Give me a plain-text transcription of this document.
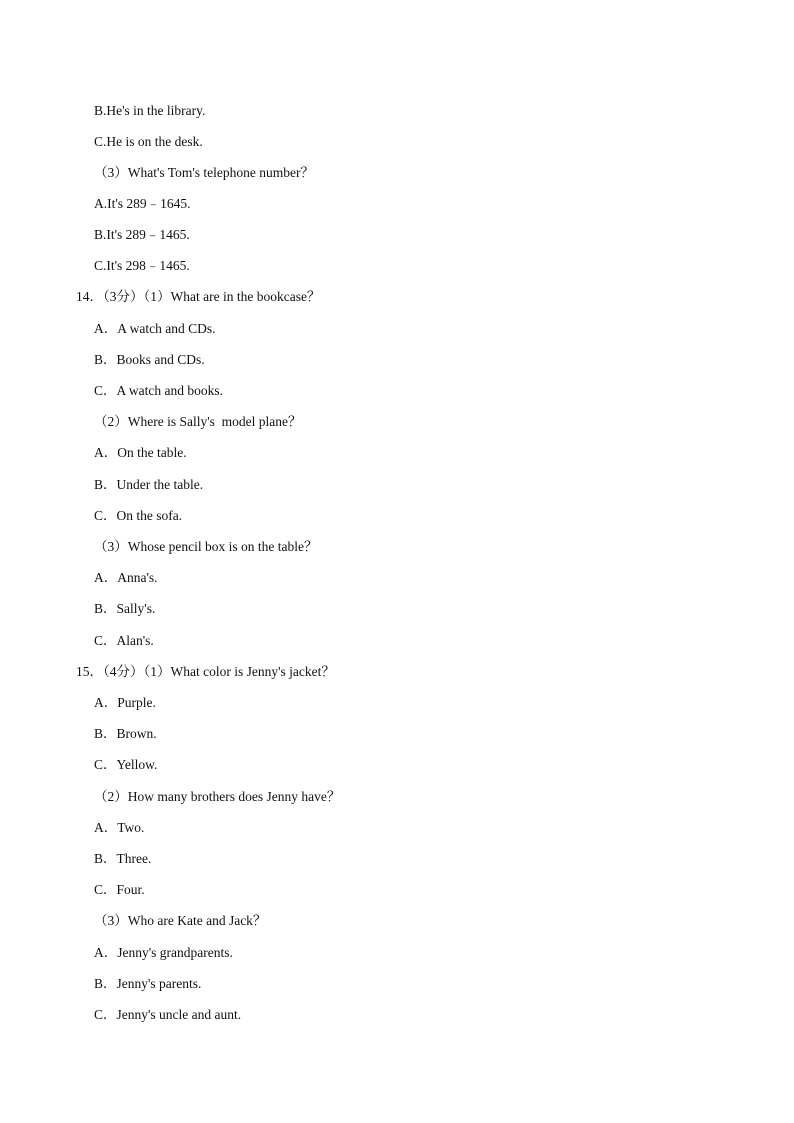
B.He's in the library.
C.He is on the desk.
（3）What's Tom's telephone number？
A.It's 289﹣1645.
B.It's 289﹣1465.
C.It's 298﹣1465.
14．（3分）（1）What are in the bookcase？
A．A watch and CDs.
B．Books and CDs.
C．A watch and books.
（2）Where is Sally's  model plane？
A．On the table.
B．Under the table.
C．On the sofa.
（3）Whose pencil box is on the table？
A．Anna's.
B．Sally's.
C．Alan's.
15．（4分）（1）What color is Jenny's jacket？
A．Purple.
B．Brown.
C．Yellow.
（2）How many brothers does Jenny have？
A．Two.
B．Three.
C．Four.
（3）Who are Kate and Jack？
A．Jenny's grandparents.
B．Jenny's parents.
C．Jenny's uncle and aunt.
